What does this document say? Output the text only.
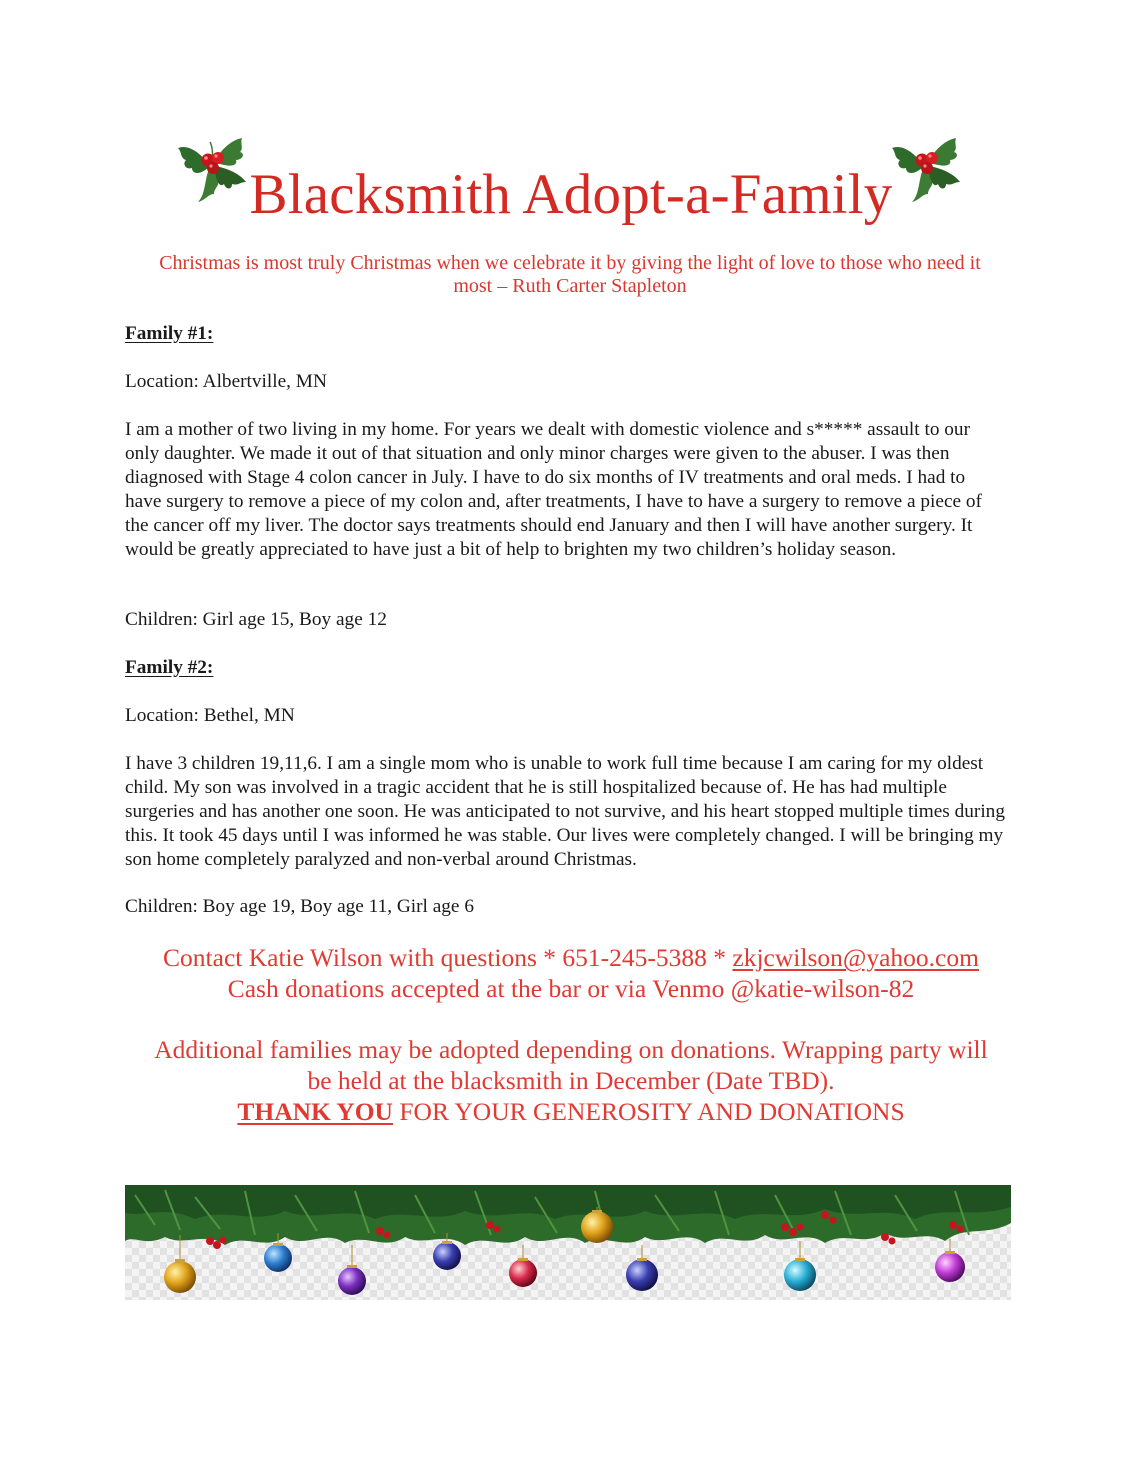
Blacksmith Adopt-a-Family
Christmas is most truly Christmas when we celebrate it by giving the light of love to those who need it
most – Ruth Carter Stapleton
Family #1:
Location: Albertville, MN
I am a mother of two living in my home. For years we dealt with domestic violence and s***** assault to our only daughter. We made it out of that situation and only minor charges were given to the abuser. I was then diagnosed with Stage 4 colon cancer in July. I have to do six months of IV treatments and oral meds. I had to have surgery to remove a piece of my colon and, after treatments, I have to have a surgery to remove a piece of the cancer off my liver. The doctor says treatments should end January and then I will have another surgery. It would be greatly appreciated to have just a bit of help to brighten my two children’s holiday season.
Children: Girl age 15, Boy age 12
Family #2:
Location: Bethel, MN
I have 3 children 19,11,6. I am a single mom who is unable to work full time because I am caring for my oldest child. My son was involved in a tragic accident that he is still hospitalized because of. He has had multiple surgeries and has another one soon. He was anticipated to not survive, and his heart stopped multiple times during this. It took 45 days until I was informed he was stable. Our lives were completely changed. I will be bringing my son home completely paralyzed and non-verbal around Christmas.
Children: Boy age 19, Boy age 11, Girl age 6
Contact Katie Wilson with questions * 651-245-5388 * zkjcwilson@yahoo.com
Cash donations accepted at the bar or via Venmo @katie-wilson-82
Additional families may be adopted depending on donations. Wrapping party will
be held at the blacksmith in December (Date TBD).
THANK YOU FOR YOUR GENEROSITY AND DONATIONS
